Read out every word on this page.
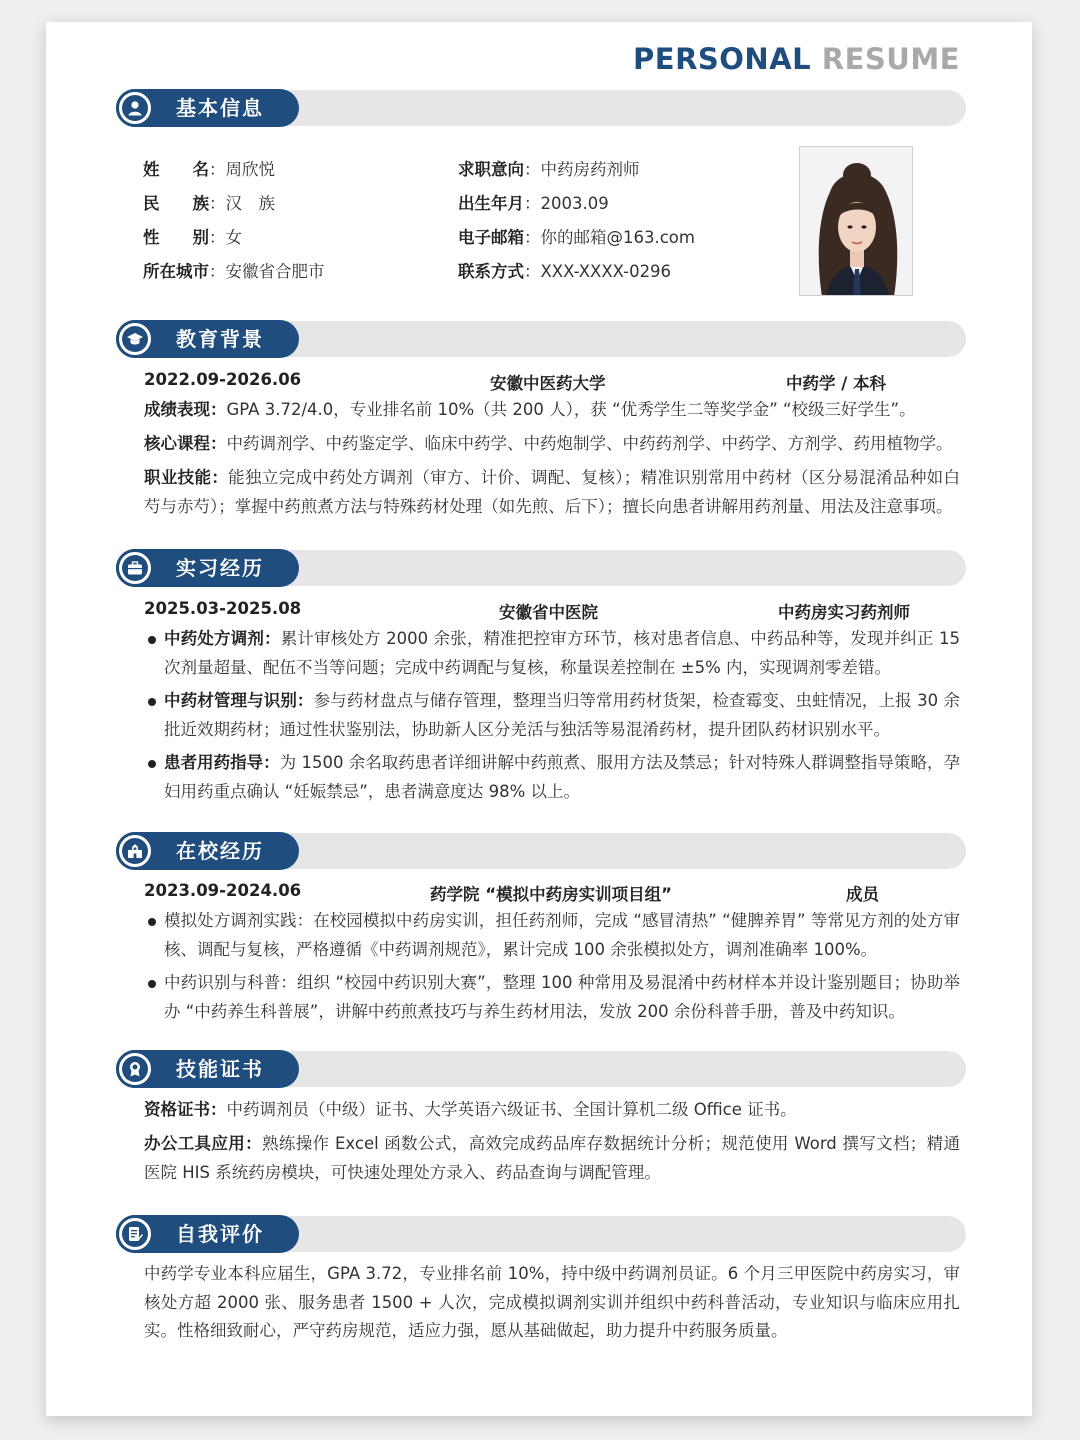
PERSONAL RESUME
基本信息
姓　　名：周欣悦
民　　族：汉　族
性　　别：女
所在城市：安徽省合肥市
求职意向：中药房药剂师
出生年月：2003.09
电子邮箱：你的邮箱@163.com
联系方式：XXX-XXXX-0296
教育背景
2022.09-2026.06	安徽中医药大学	中药学 / 本科
成绩表现：GPA 3.72/4.0，专业排名前 10%（共 200 人），获 “优秀学生二等奖学金” “校级三好学生”。
核心课程：中药调剂学、中药鉴定学、临床中药学、中药炮制学、中药药剂学、中药学、方剂学、药用植物学。
职业技能：能独立完成中药处方调剂（审方、计价、调配、复核）；精准识别常用中药材（区分易混淆品种如白芍与赤芍）；掌握中药煎煮方法与特殊药材处理（如先煎、后下）；擅长向患者讲解用药剂量、用法及注意事项。
实习经历
2025.03-2025.08	安徽省中医院	中药房实习药剂师
中药处方调剂：累计审核处方 2000 余张，精准把控审方环节，核对患者信息、中药品种等，发现并纠正 15 次剂量超量、配伍不当等问题；完成中药调配与复核，称量误差控制在 ±5% 内，实现调剂零差错。
中药材管理与识别：参与药材盘点与储存管理，整理当归等常用药材货架，检查霉变、虫蛀情况，上报 30 余批近效期药材；通过性状鉴别法，协助新人区分羌活与独活等易混淆药材，提升团队药材识别水平。
患者用药指导：为 1500 余名取药患者详细讲解中药煎煮、服用方法及禁忌；针对特殊人群调整指导策略，孕妇用药重点确认 “妊娠禁忌”，患者满意度达 98% 以上。
在校经历
2023.09-2024.06	药学院 “模拟中药房实训项目组”	成员
模拟处方调剂实践：在校园模拟中药房实训，担任药剂师，完成 “感冒清热” “健脾养胃” 等常见方剂的处方审核、调配与复核，严格遵循《中药调剂规范》，累计完成 100 余张模拟处方，调剂准确率 100%。
中药识别与科普：组织 “校园中药识别大赛”，整理 100 种常用及易混淆中药材样本并设计鉴别题目；协助举办 “中药养生科普展”，讲解中药煎煮技巧与养生药材用法，发放 200 余份科普手册，普及中药知识。
技能证书
资格证书：中药调剂员（中级）证书、大学英语六级证书、全国计算机二级 Office 证书。
办公工具应用：熟练操作 Excel 函数公式，高效完成药品库存数据统计分析；规范使用 Word 撰写文档；精通医院 HIS 系统药房模块，可快速处理处方录入、药品查询与调配管理。
自我评价
中药学专业本科应届生，GPA 3.72，专业排名前 10%，持中级中药调剂员证。6 个月三甲医院中药房实习，审核处方超 2000 张、服务患者 1500 + 人次，完成模拟调剂实训并组织中药科普活动，专业知识与临床应用扎实。性格细致耐心，严守药房规范，适应力强，愿从基础做起，助力提升中药服务质量。
